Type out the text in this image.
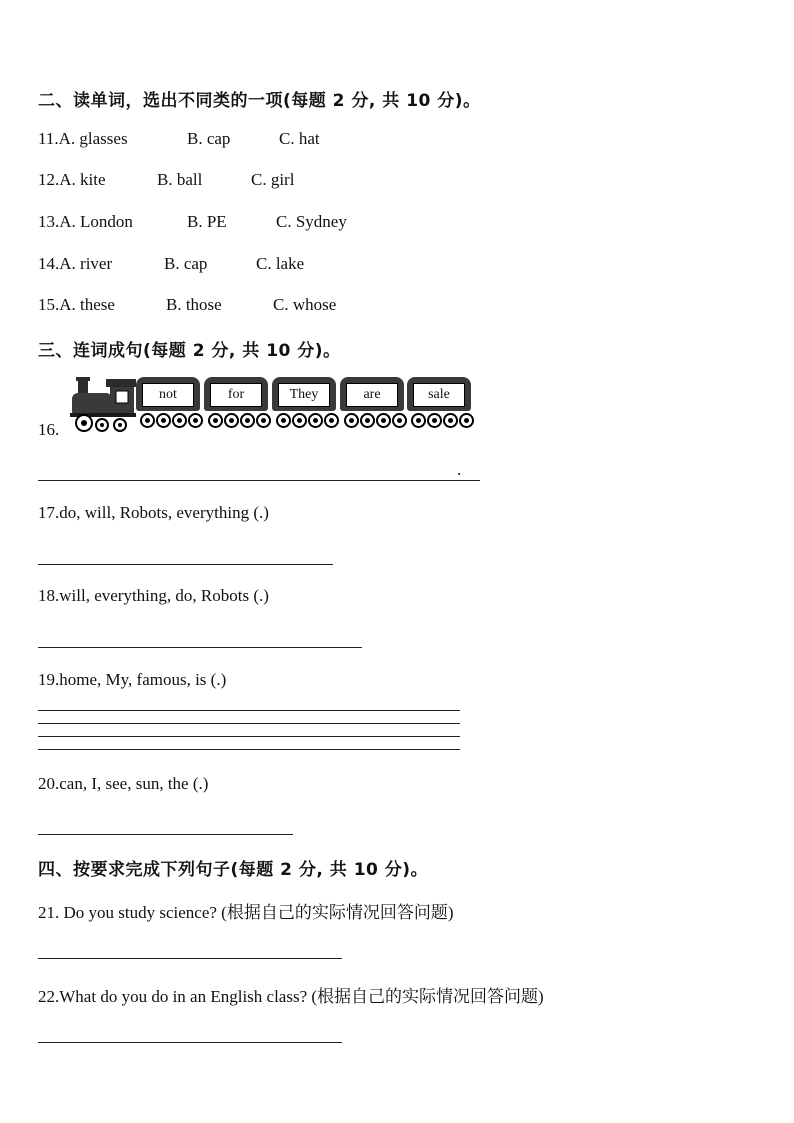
二、读单词，选出不同类的一项(每题 2 分, 共 10 分)。
11.A. glasses	B. cap	C. hat
12.A. kite	B. ball	C. girl
13.A. London	B. PE	C. Sydney
14.A. river	B. cap	C. lake
15.A. these	B. those	C. whose
三、连词成句(每题 2 分, 共 10 分)。
16.
not	for	They	are	sale
.
17.do, will, Robots, everything (.)
18.will, everything, do, Robots (.)
19.home, My, famous, is (.)
20.can, I, see, sun, the (.)
四、按要求完成下列句子(每题 2 分, 共 10 分)。
21. Do you study science? (根据自己的实际情况回答问题)
22.What do you do in an English class? (根据自己的实际情况回答问题)
